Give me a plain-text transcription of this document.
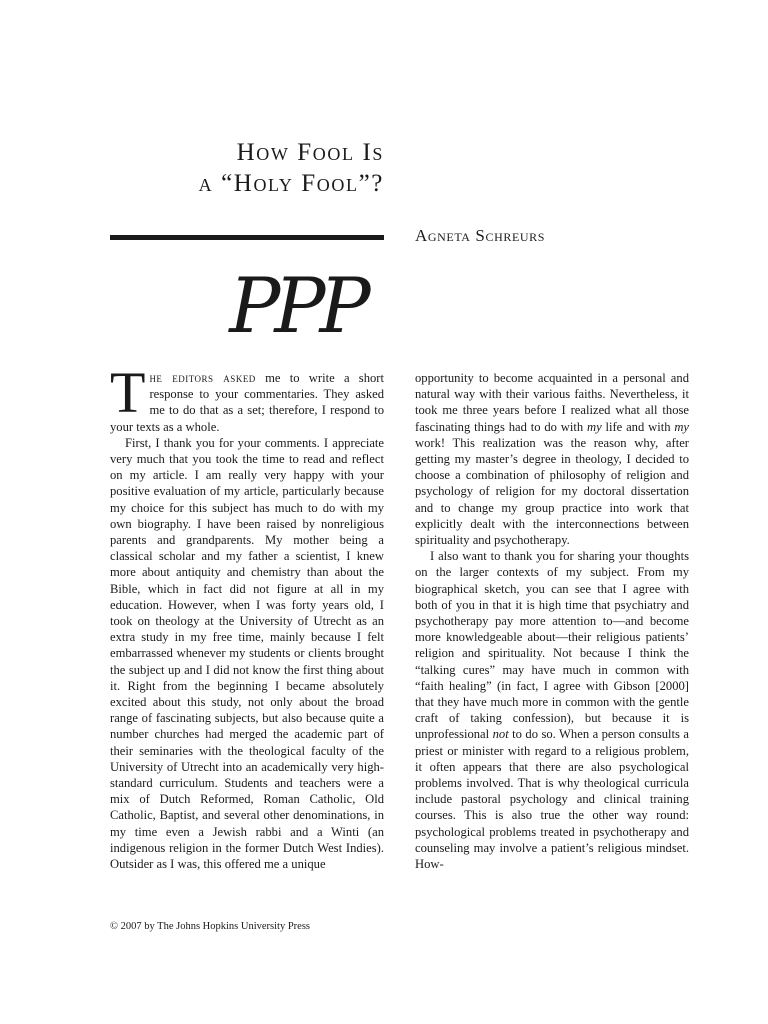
How Fool Is
a “Holy Fool”?
Agneta Schreurs
PPP

The editors asked me to write a short response to your commentaries. They asked me to do that as a set; therefore, I respond to your texts as a whole.

First, I thank you for your comments. I appreciate very much that you took the time to read and reflect on my article. I am really very happy with your positive evaluation of my article, particularly because my choice for this subject has much to do with my own biography. I have been raised by nonreligious parents and grandparents. My mother being a classical scholar and my father a scientist, I knew more about antiquity and chemistry than about the Bible, which in fact did not figure at all in my education. However, when I was forty years old, I took on theology at the University of Utrecht as an extra study in my free time, mainly because I felt embarrassed whenever my students or clients brought the subject up and I did not know the first thing about it. Right from the beginning I became absolutely excited about this study, not only about the broad range of fascinating subjects, but also because quite a number churches had merged the academic part of their seminaries with the theological faculty of the University of Utrecht into an academically very high-standard curriculum. Students and teachers were a mix of Dutch Reformed, Roman Catholic, Old Catholic, Baptist, and several other denominations, in my time even a Jewish rabbi and a Winti (an indigenous religion in the former Dutch West Indies). Outsider as I was, this offered me a unique

opportunity to become acquainted in a personal and natural way with their various faiths. Nevertheless, it took me three years before I realized what all those fascinating things had to do with my life and with my work! This realization was the reason why, after getting my master’s degree in theology, I decided to choose a combination of philosophy of religion and psychology of religion for my doctoral dissertation and to change my group practice into work that explicitly dealt with the interconnections between spirituality and psychotherapy.

I also want to thank you for sharing your thoughts on the larger contexts of my subject. From my biographical sketch, you can see that I agree with both of you in that it is high time that psychiatry and psychotherapy pay more attention to—and become more knowledgeable about—their religious patients’ religion and spirituality. Not because I think the “talking cures” may have much in common with “faith healing” (in fact, I agree with Gibson [2000] that they have much more in common with the gentle craft of taking confession), but because it is unprofessional not to do so. When a person consults a priest or minister with regard to a religious problem, it often appears that there are also psychological problems involved. That is why theological curricula include pastoral psychology and clinical training courses. This is also true the other way round: psychological problems treated in psychotherapy and counseling may involve a patient’s religious mindset. How-

© 2007 by The Johns Hopkins University Press
